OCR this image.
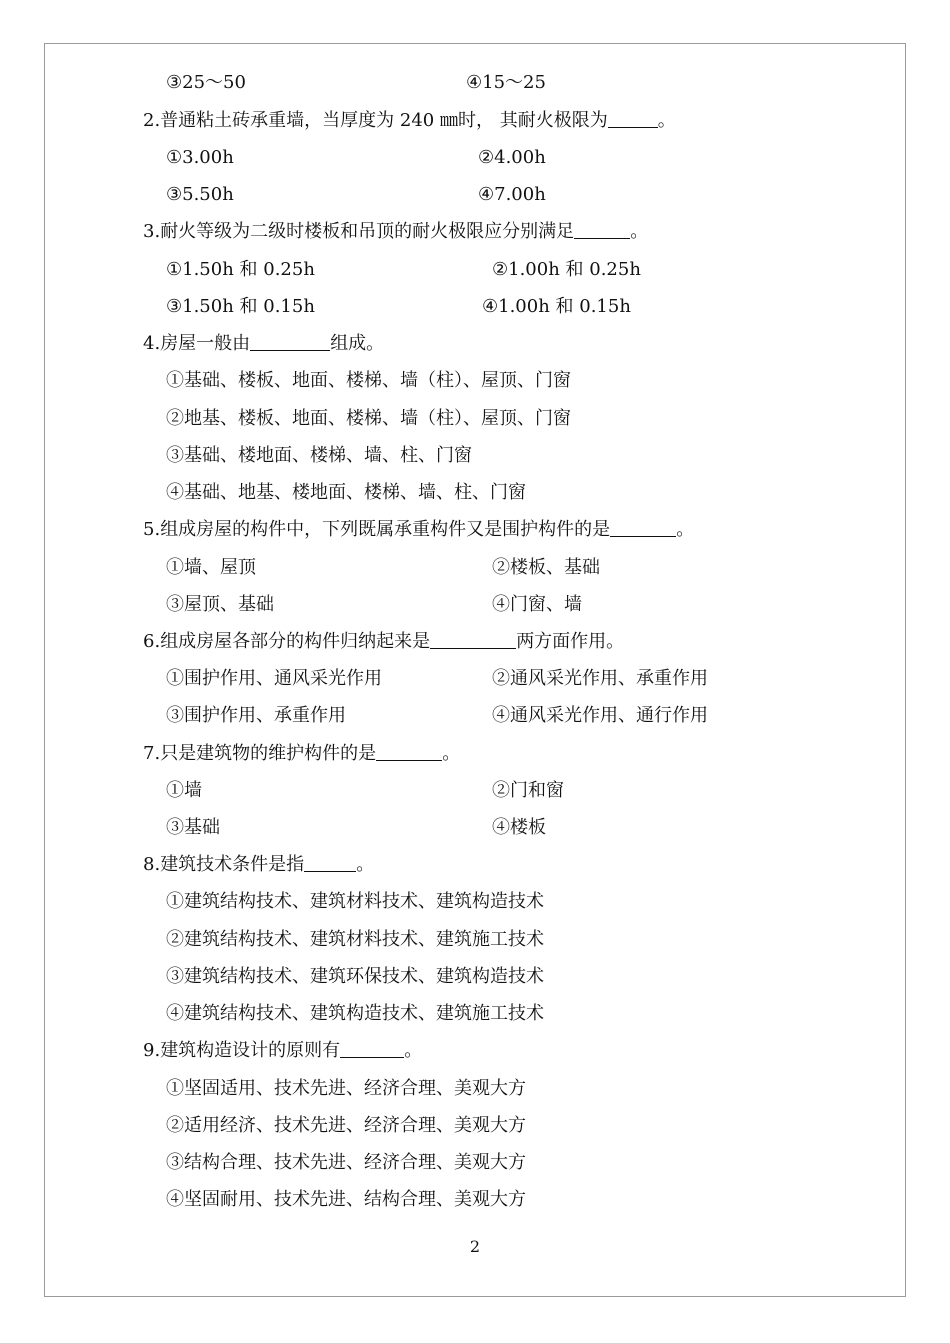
③25～50	④15～25
2.普通粘土砖承重墙，当厚度为 240 ㎜时， 其耐火极限为	。
①3.00h	②4.00h
③5.50h	④7.00h
3.耐火等级为二级时楼板和吊顶的耐火极限应分别满足	。
①1.50h 和 0.25h	②1.00h 和 0.25h
③1.50h 和 0.15h	④1.00h 和 0.15h
4.房屋一般由	组成。
①基础、楼板、地面、楼梯、墙（柱）、屋顶、门窗
②地基、楼板、地面、楼梯、墙（柱）、屋顶、门窗
③基础、楼地面、楼梯、墙、柱、门窗
④基础、地基、楼地面、楼梯、墙、柱、门窗
5.组成房屋的构件中，下列既属承重构件又是围护构件的是	。
①墙、屋顶	②楼板、基础
③屋顶、基础	④门窗、墙
6.组成房屋各部分的构件归纳起来是	两方面作用。
①围护作用、通风采光作用	②通风采光作用、承重作用
③围护作用、承重作用	④通风采光作用、通行作用
7.只是建筑物的维护构件的是	。
①墙	②门和窗
③基础	④楼板
8.建筑技术条件是指	。
①建筑结构技术、建筑材料技术、建筑构造技术
②建筑结构技术、建筑材料技术、建筑施工技术
③建筑结构技术、建筑环保技术、建筑构造技术
④建筑结构技术、建筑构造技术、建筑施工技术
9.建筑构造设计的原则有	。
①坚固适用、技术先进、经济合理、美观大方
②适用经济、技术先进、经济合理、美观大方
③结构合理、技术先进、经济合理、美观大方
④坚固耐用、技术先进、结构合理、美观大方
2
